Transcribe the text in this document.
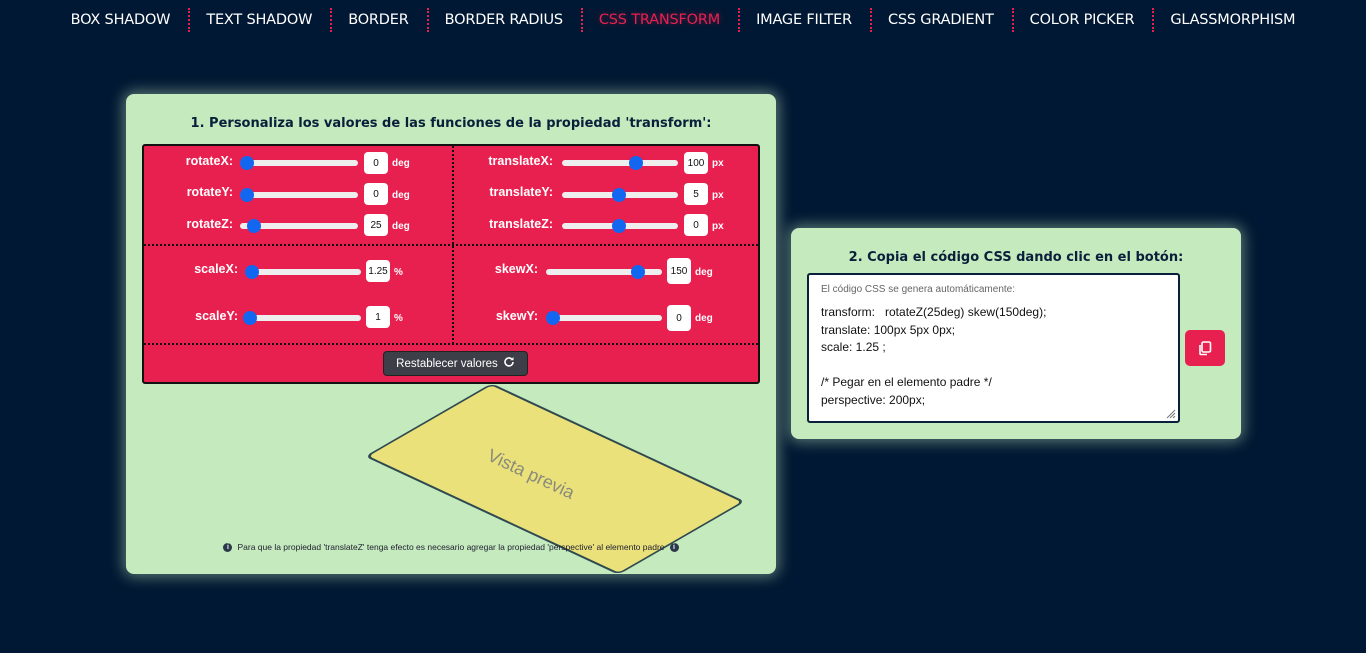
BOX SHADOW	TEXT SHADOW	BORDER	BORDER RADIUS	CSS TRANSFORM	IMAGE FILTER	CSS GRADIENT	COLOR PICKER	GLASSMORPHISM
1. Personaliza los valores de las funciones de la propiedad 'transform':
rotateX:	0	deg
rotateY:	0	deg
rotateZ:	25	deg
translateX:	100 px
translateY:	5	px
translateZ:	0	px
scaleX:	1.25 %
scaleY:	1	%
skewX:	150 deg
skewY:	0	deg
Restablecer valores
Vista previa
i	Para que la propiedad 'translateZ' tenga efecto es necesario agregar la propiedad 'perspective' al elemento padre	i
2. Copia el código CSS dando clic en el botón:
El código CSS se genera automáticamente:
transform:   rotateZ(25deg) skew(150deg);
translate: 100px 5px 0px;
scale: 1.25 ;

/* Pegar en el elemento padre */
perspective: 200px;
